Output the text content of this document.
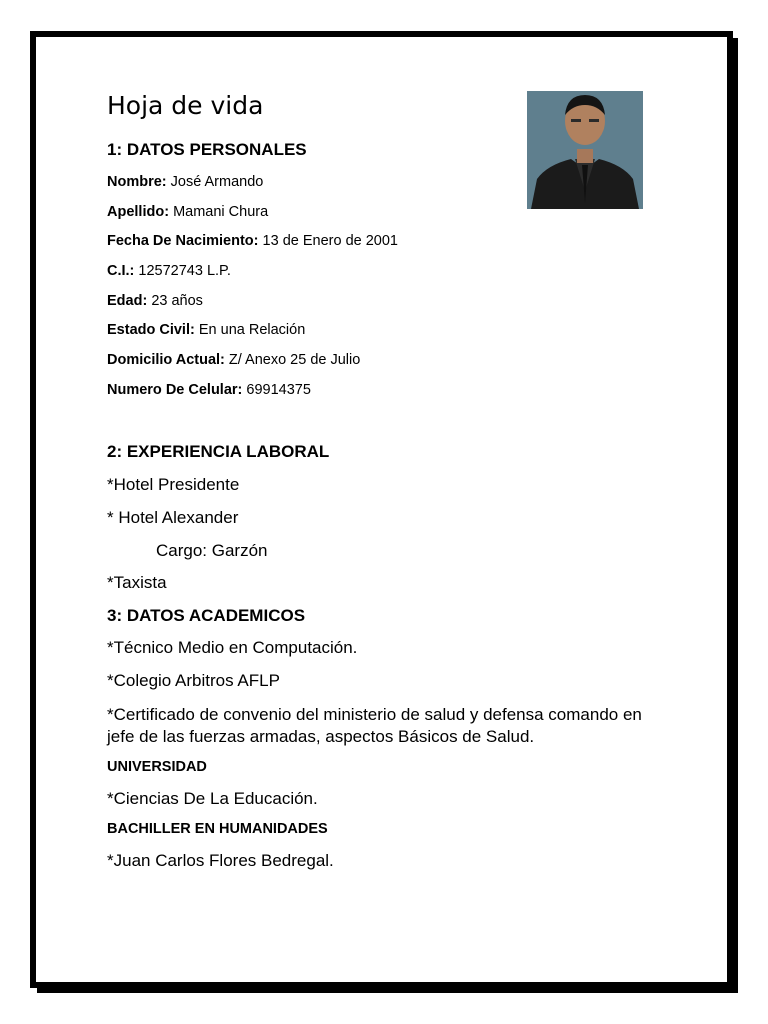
Hoja de vida
1: DATOS PERSONALES
Nombre: José Armando
Apellido: Mamani Chura
Fecha De Nacimiento: 13 de Enero de 2001
C.I.: 12572743 L.P.
Edad: 23 años
Estado Civil: En una Relación
Domicilio Actual: Z/ Anexo 25 de Julio
Numero De Celular: 69914375
2: EXPERIENCIA LABORAL
*Hotel Presidente
* Hotel Alexander
Cargo: Garzón
*Taxista
3: DATOS ACADEMICOS
*Técnico Medio en Computación.
*Colegio Arbitros AFLP
*Certificado de convenio del ministerio de salud y defensa comando en jefe de las fuerzas armadas, aspectos Básicos de Salud.
UNIVERSIDAD
*Ciencias De La Educación.
BACHILLER EN HUMANIDADES
*Juan Carlos Flores Bedregal.
